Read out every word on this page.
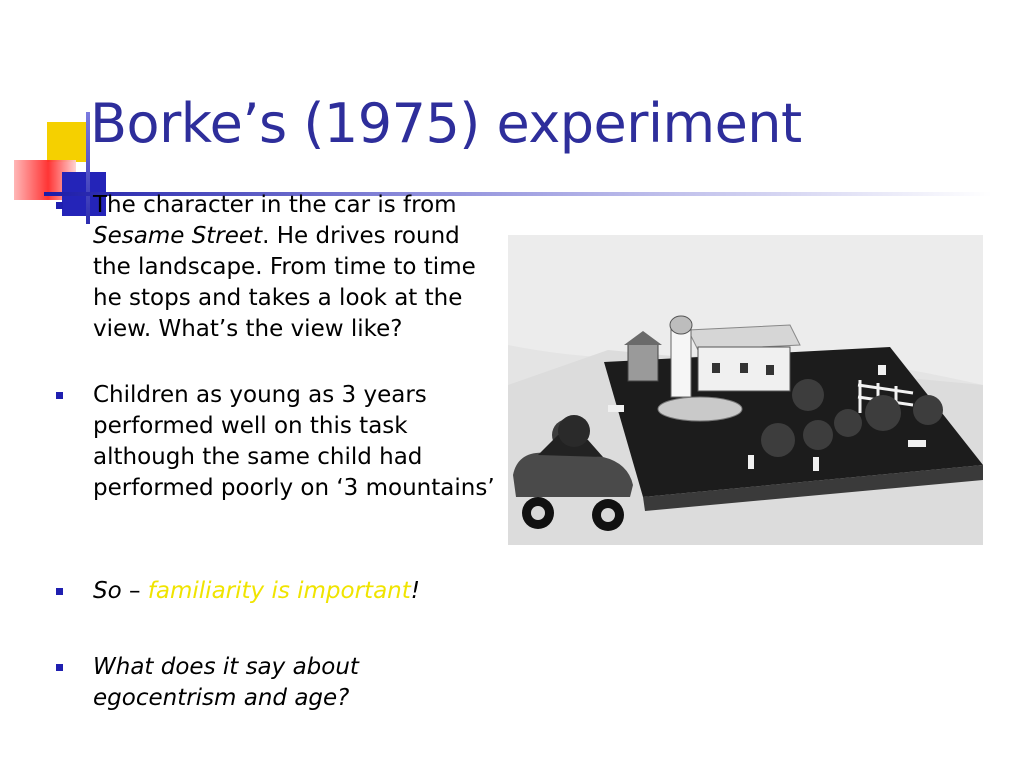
Borke’s (1975) experiment
The character in the car is from Sesame Street. He drives round the landscape. From time to time he stops and takes a look at the view. What’s the view like?
Children as young as 3 years performed well on this task although the same child had performed poorly on ‘3 mountains’
So – familiarity is important!
What does it say about egocentrism and age?
